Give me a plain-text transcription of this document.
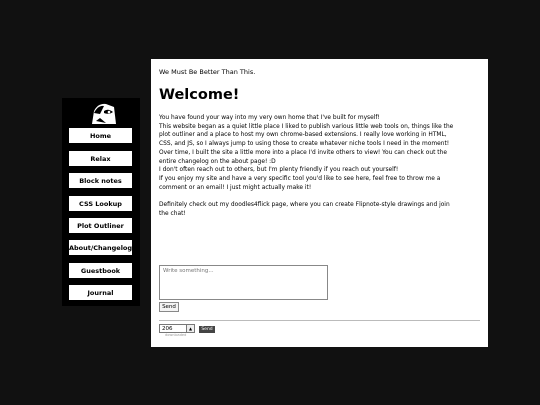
Home
Relax
Block notes
CSS Lookup
Plot Outliner
About/Changelog
Guestbook
Journal
We Must Be Better Than This.
Welcome!

You have found your way into my very own home that I've built for myself!

This website began as a quiet little place I liked to publish various little web tools on, things like the

plot outliner and a place to host my own chrome-based extensions. I really love working in HTML,

CSS, and JS, so I always jump to using those to create whatever niche tools I need in the moment!

Over time, I built the site a little more into a place I'd invite others to view! You can check out the

entire changelog on the about page! :D

I don't often reach out to others, but I'm plenty friendly if you reach out yourself!

If you enjoy my site and have a very specific tool you'd like to see here, feel free to throw me a

comment or an email! I just might actually make it!

Definitely check out my doodles4flick page, where you can create Flipnote-style drawings and join

the chat!

Write something...
Send
206	▲
downloaded
Send
